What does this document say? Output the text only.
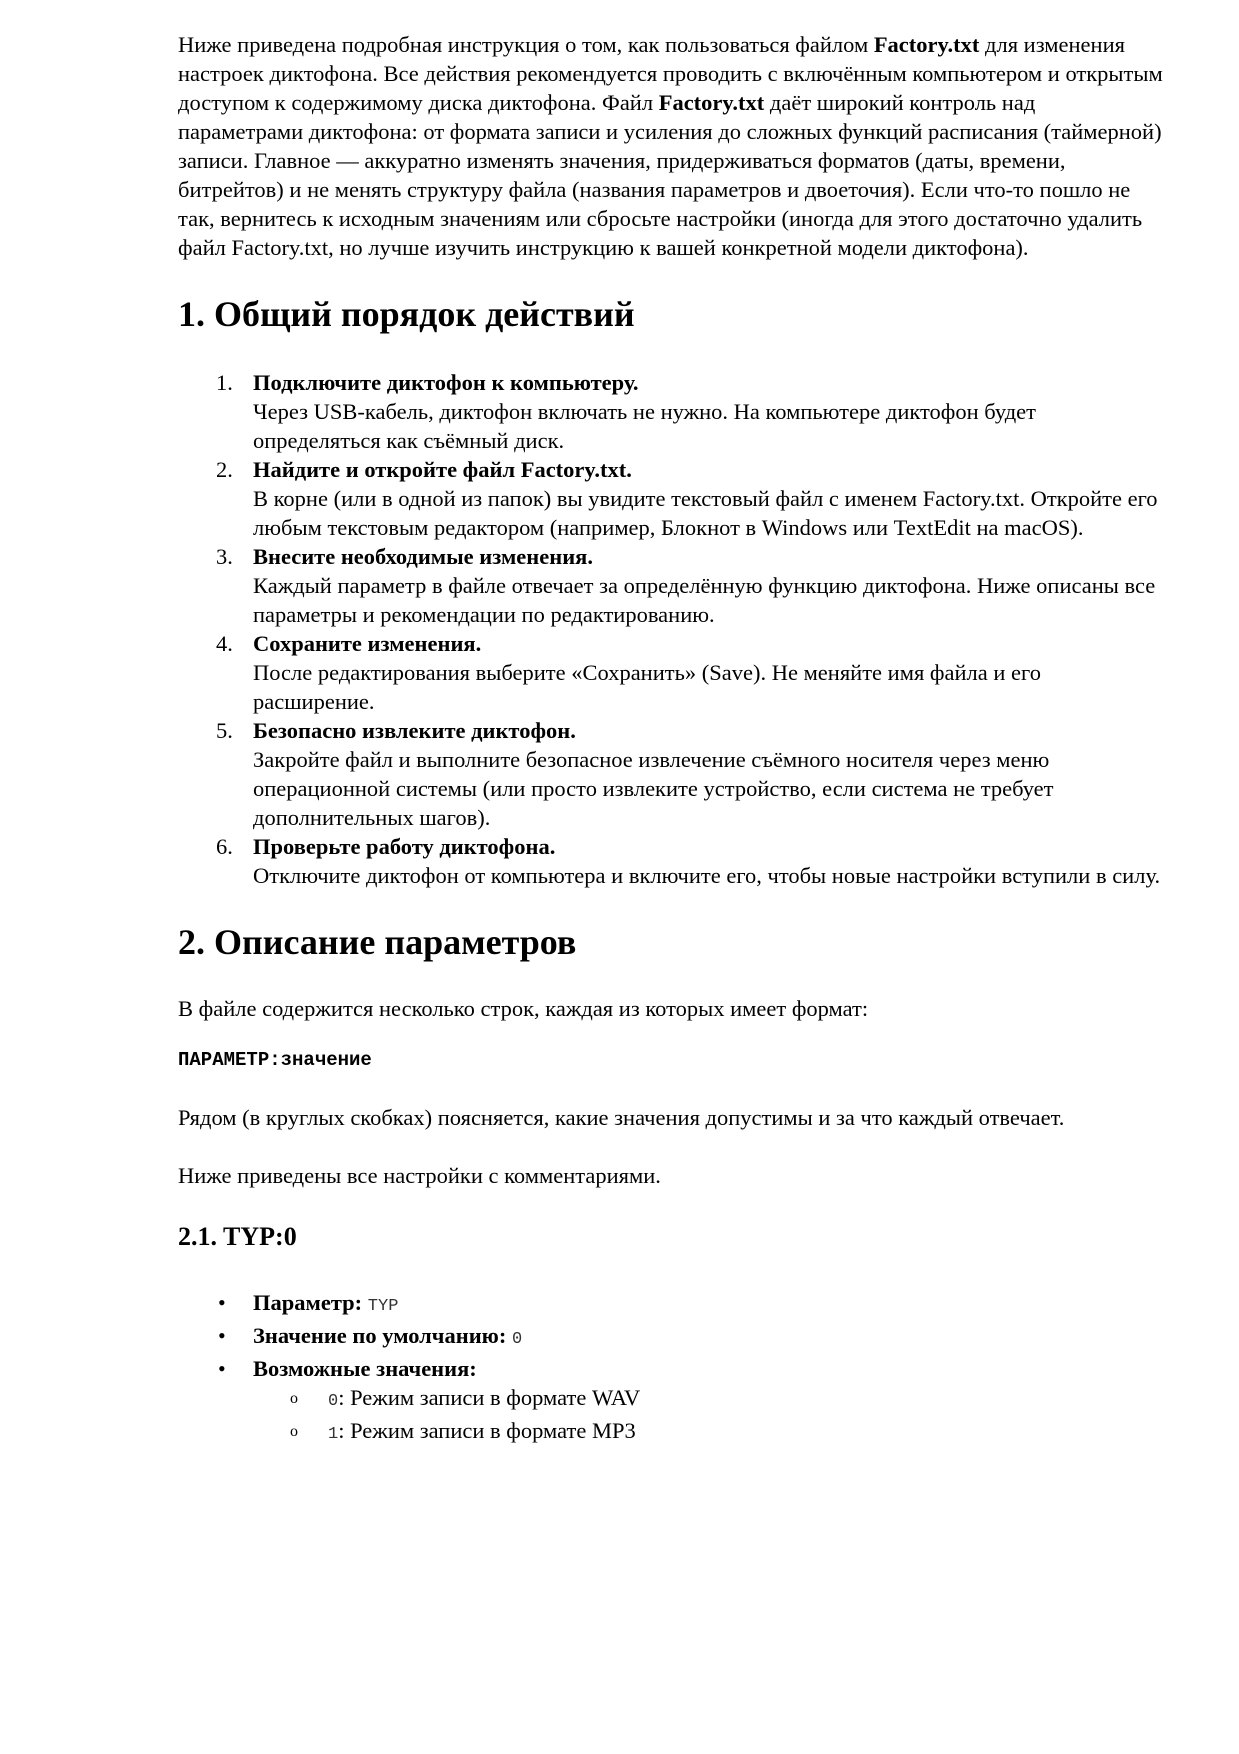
Ниже приведена подробная инструкция о том, как пользоваться файлом Factory.txt для изменения настроек диктофона. Все действия рекомендуется проводить с включённым компьютером и открытым доступом к содержимому диска диктофона. Файл Factory.txt даёт широкий контроль над параметрами диктофона: от формата записи и усиления до сложных функций расписания (таймерной) записи. Главное — аккуратно изменять значения, придерживаться форматов (даты, времени, битрейтов) и не менять структуру файла (названия параметров и двоеточия). Если что-то пошло не так, вернитесь к исходным значениям или сбросьте настройки (иногда для этого достаточно удалить файл Factory.txt, но лучше изучить инструкцию к вашей конкретной модели диктофона).

1. Общий порядок действий
1. Подключите диктофон к компьютеру.
Через USB-кабель, диктофон включать не нужно. На компьютере диктофон будет определяться как съёмный диск.
2. Найдите и откройте файл Factory.txt.
В корне (или в одной из папок) вы увидите текстовый файл с именем Factory.txt. Откройте его любым текстовым редактором (например, Блокнот в Windows или TextEdit на macOS).
3. Внесите необходимые изменения.
Каждый параметр в файле отвечает за определённую функцию диктофона. Ниже описаны все параметры и рекомендации по редактированию.
4. Сохраните изменения.
После редактирования выберите «Сохранить» (Save). Не меняйте имя файла и его расширение.
5. Безопасно извлеките диктофон.
Закройте файл и выполните безопасное извлечение съёмного носителя через меню операционной системы (или просто извлеките устройство, если система не требует дополнительных шагов).
6. Проверьте работу диктофона.
Отключите диктофон от компьютера и включите его, чтобы новые настройки вступили в силу.
2. Описание параметров

В файле содержится несколько строк, каждая из которых имеет формат:

ПАРАМЕТР:значение

Рядом (в круглых скобках) поясняется, какие значения допустимы и за что каждый отвечает.

Ниже приведены все настройки с комментариями.

2.1. TYP:0
• Параметр: TYP
• Значение по умолчанию: 0
• Возможные значения:
o 0: Режим записи в формате WAV
o 1: Режим записи в формате MP3
